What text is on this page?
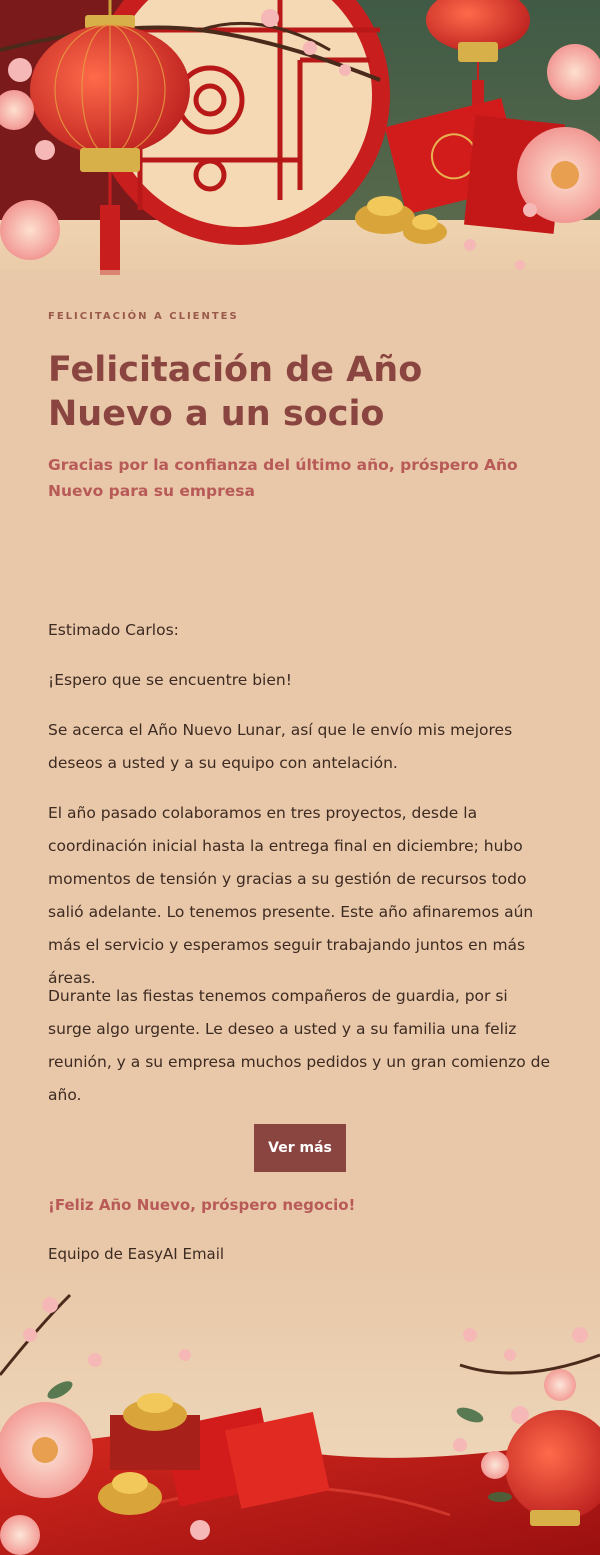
FELICITACIÓN A CLIENTES
Felicitación de Año Nuevo a un socio

Gracias por la confianza del último año, próspero Año Nuevo para su empresa

Estimado Carlos:

¡Espero que se encuentre bien!

Se acerca el Año Nuevo Lunar, así que le envío mis mejores deseos a usted y a su equipo con antelación.

El año pasado colaboramos en tres proyectos, desde la coordinación inicial hasta la entrega final en diciembre; hubo momentos de tensión y gracias a su gestión de recursos todo salió adelante. Lo tenemos presente. Este año afinaremos aún más el servicio y esperamos seguir trabajando juntos en más áreas.

Durante las fiestas tenemos compañeros de guardia, por si surge algo urgente. Le deseo a usted y a su familia una feliz reunión, y a su empresa muchos pedidos y un gran comienzo de año.

Ver más
¡Feliz Año Nuevo, próspero negocio!
Equipo de EasyAI Email
